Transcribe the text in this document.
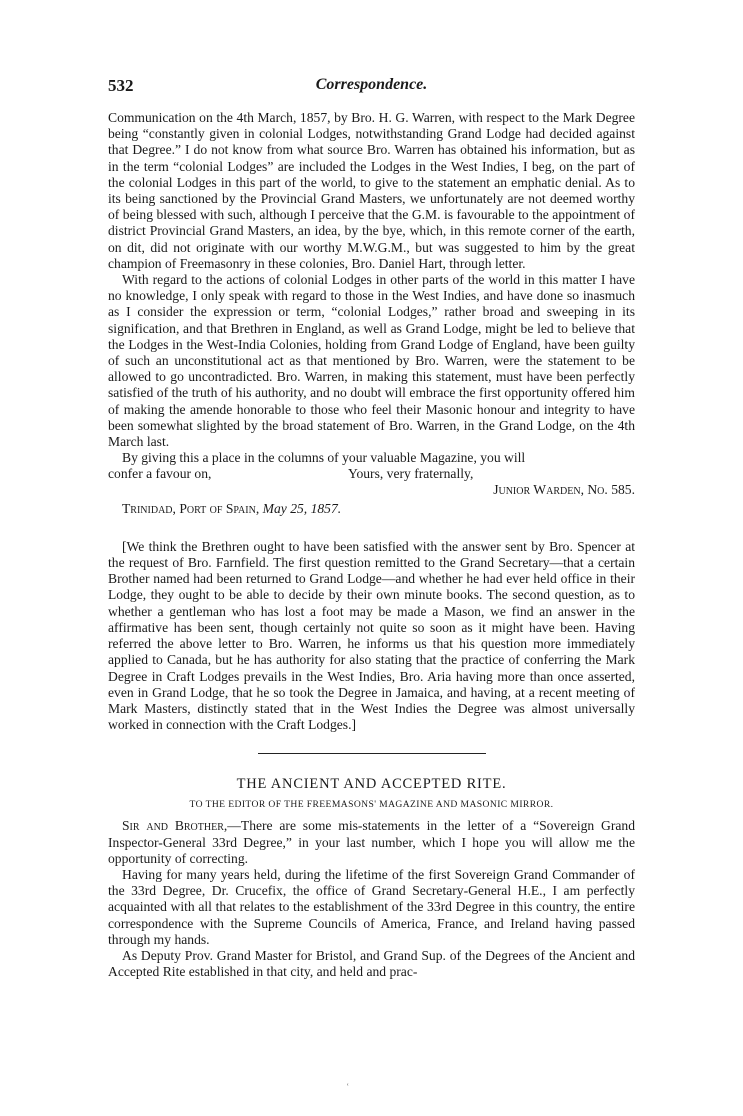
532	Correspondence.

Communication on the 4th March, 1857, by Bro. H. G. Warren, with respect to the Mark Degree being “constantly given in colonial Lodges, notwithstanding Grand Lodge had decided against that Degree.” I do not know from what source Bro. Warren has obtained his information, but as in the term “colonial Lodges” are included the Lodges in the West Indies, I beg, on the part of the colonial Lodges in this part of the world, to give to the statement an emphatic denial. As to its being sanctioned by the Provincial Grand Masters, we unfortunately are not deemed worthy of being blessed with such, although I perceive that the G.M. is favourable to the appointment of district Provincial Grand Masters, an idea, by the bye, which, in this remote corner of the earth, on dit, did not originate with our worthy M.W.G.M., but was suggested to him by the great champion of Freemasonry in these colonies, Bro. Daniel Hart, through letter.

With regard to the actions of colonial Lodges in other parts of the world in this matter I have no knowledge, I only speak with regard to those in the West Indies, and have done so inasmuch as I consider the expression or term, “colonial Lodges,” rather broad and sweeping in its signification, and that Brethren in England, as well as Grand Lodge, might be led to believe that the Lodges in the West-India Colonies, holding from Grand Lodge of England, have been guilty of such an unconstitutional act as that mentioned by Bro. Warren, were the statement to be allowed to go uncontradicted. Bro. Warren, in making this statement, must have been perfectly satisfied of the truth of his authority, and no doubt will embrace the first opportunity offered him of making the amende honorable to those who feel their Masonic honour and integrity to have been somewhat slighted by the broad statement of Bro. Warren, in the Grand Lodge, on the 4th March last.

By giving this a place in the columns of your valuable Magazine, you will

confer a favour on,	Yours, very fraternally,
Junior Warden, No. 585.
Trinidad, Port of Spain, May 25, 1857.

[We think the Brethren ought to have been satisfied with the answer sent by Bro. Spencer at the request of Bro. Farnfield. The first question remitted to the Grand Secretary—that a certain Brother named had been returned to Grand Lodge—and whether he had ever held office in their Lodge, they ought to be able to decide by their own minute books. The second question, as to whether a gentleman who has lost a foot may be made a Mason, we find an answer in the affirmative has been sent, though certainly not quite so soon as it might have been. Having referred the above letter to Bro. Warren, he informs us that his question more immediately applied to Canada, but he has authority for also stating that the practice of conferring the Mark Degree in Craft Lodges prevails in the West Indies, Bro. Aria having more than once asserted, even in Grand Lodge, that he so took the Degree in Jamaica, and having, at a recent meeting of Mark Masters, distinctly stated that in the West Indies the Degree was almost universally worked in connection with the Craft Lodges.]

THE ANCIENT AND ACCEPTED RITE.
TO THE EDITOR OF THE FREEMASONS' MAGAZINE AND MASONIC MIRROR.

Sir and Brother,—There are some mis-statements in the letter of a “Sovereign Grand Inspector-General 33rd Degree,” in your last number, which I hope you will allow me the opportunity of correcting.

Having for many years held, during the lifetime of the first Sovereign Grand Commander of the 33rd Degree, Dr. Crucefix, the office of Grand Secretary-General H.E., I am perfectly acquainted with all that relates to the establishment of the 33rd Degree in this country, the entire correspondence with the Supreme Councils of America, France, and Ireland having passed through my hands.

As Deputy Prov. Grand Master for Bristol, and Grand Sup. of the Degrees of the Ancient and Accepted Rite established in that city, and held and prac-

ʿ
